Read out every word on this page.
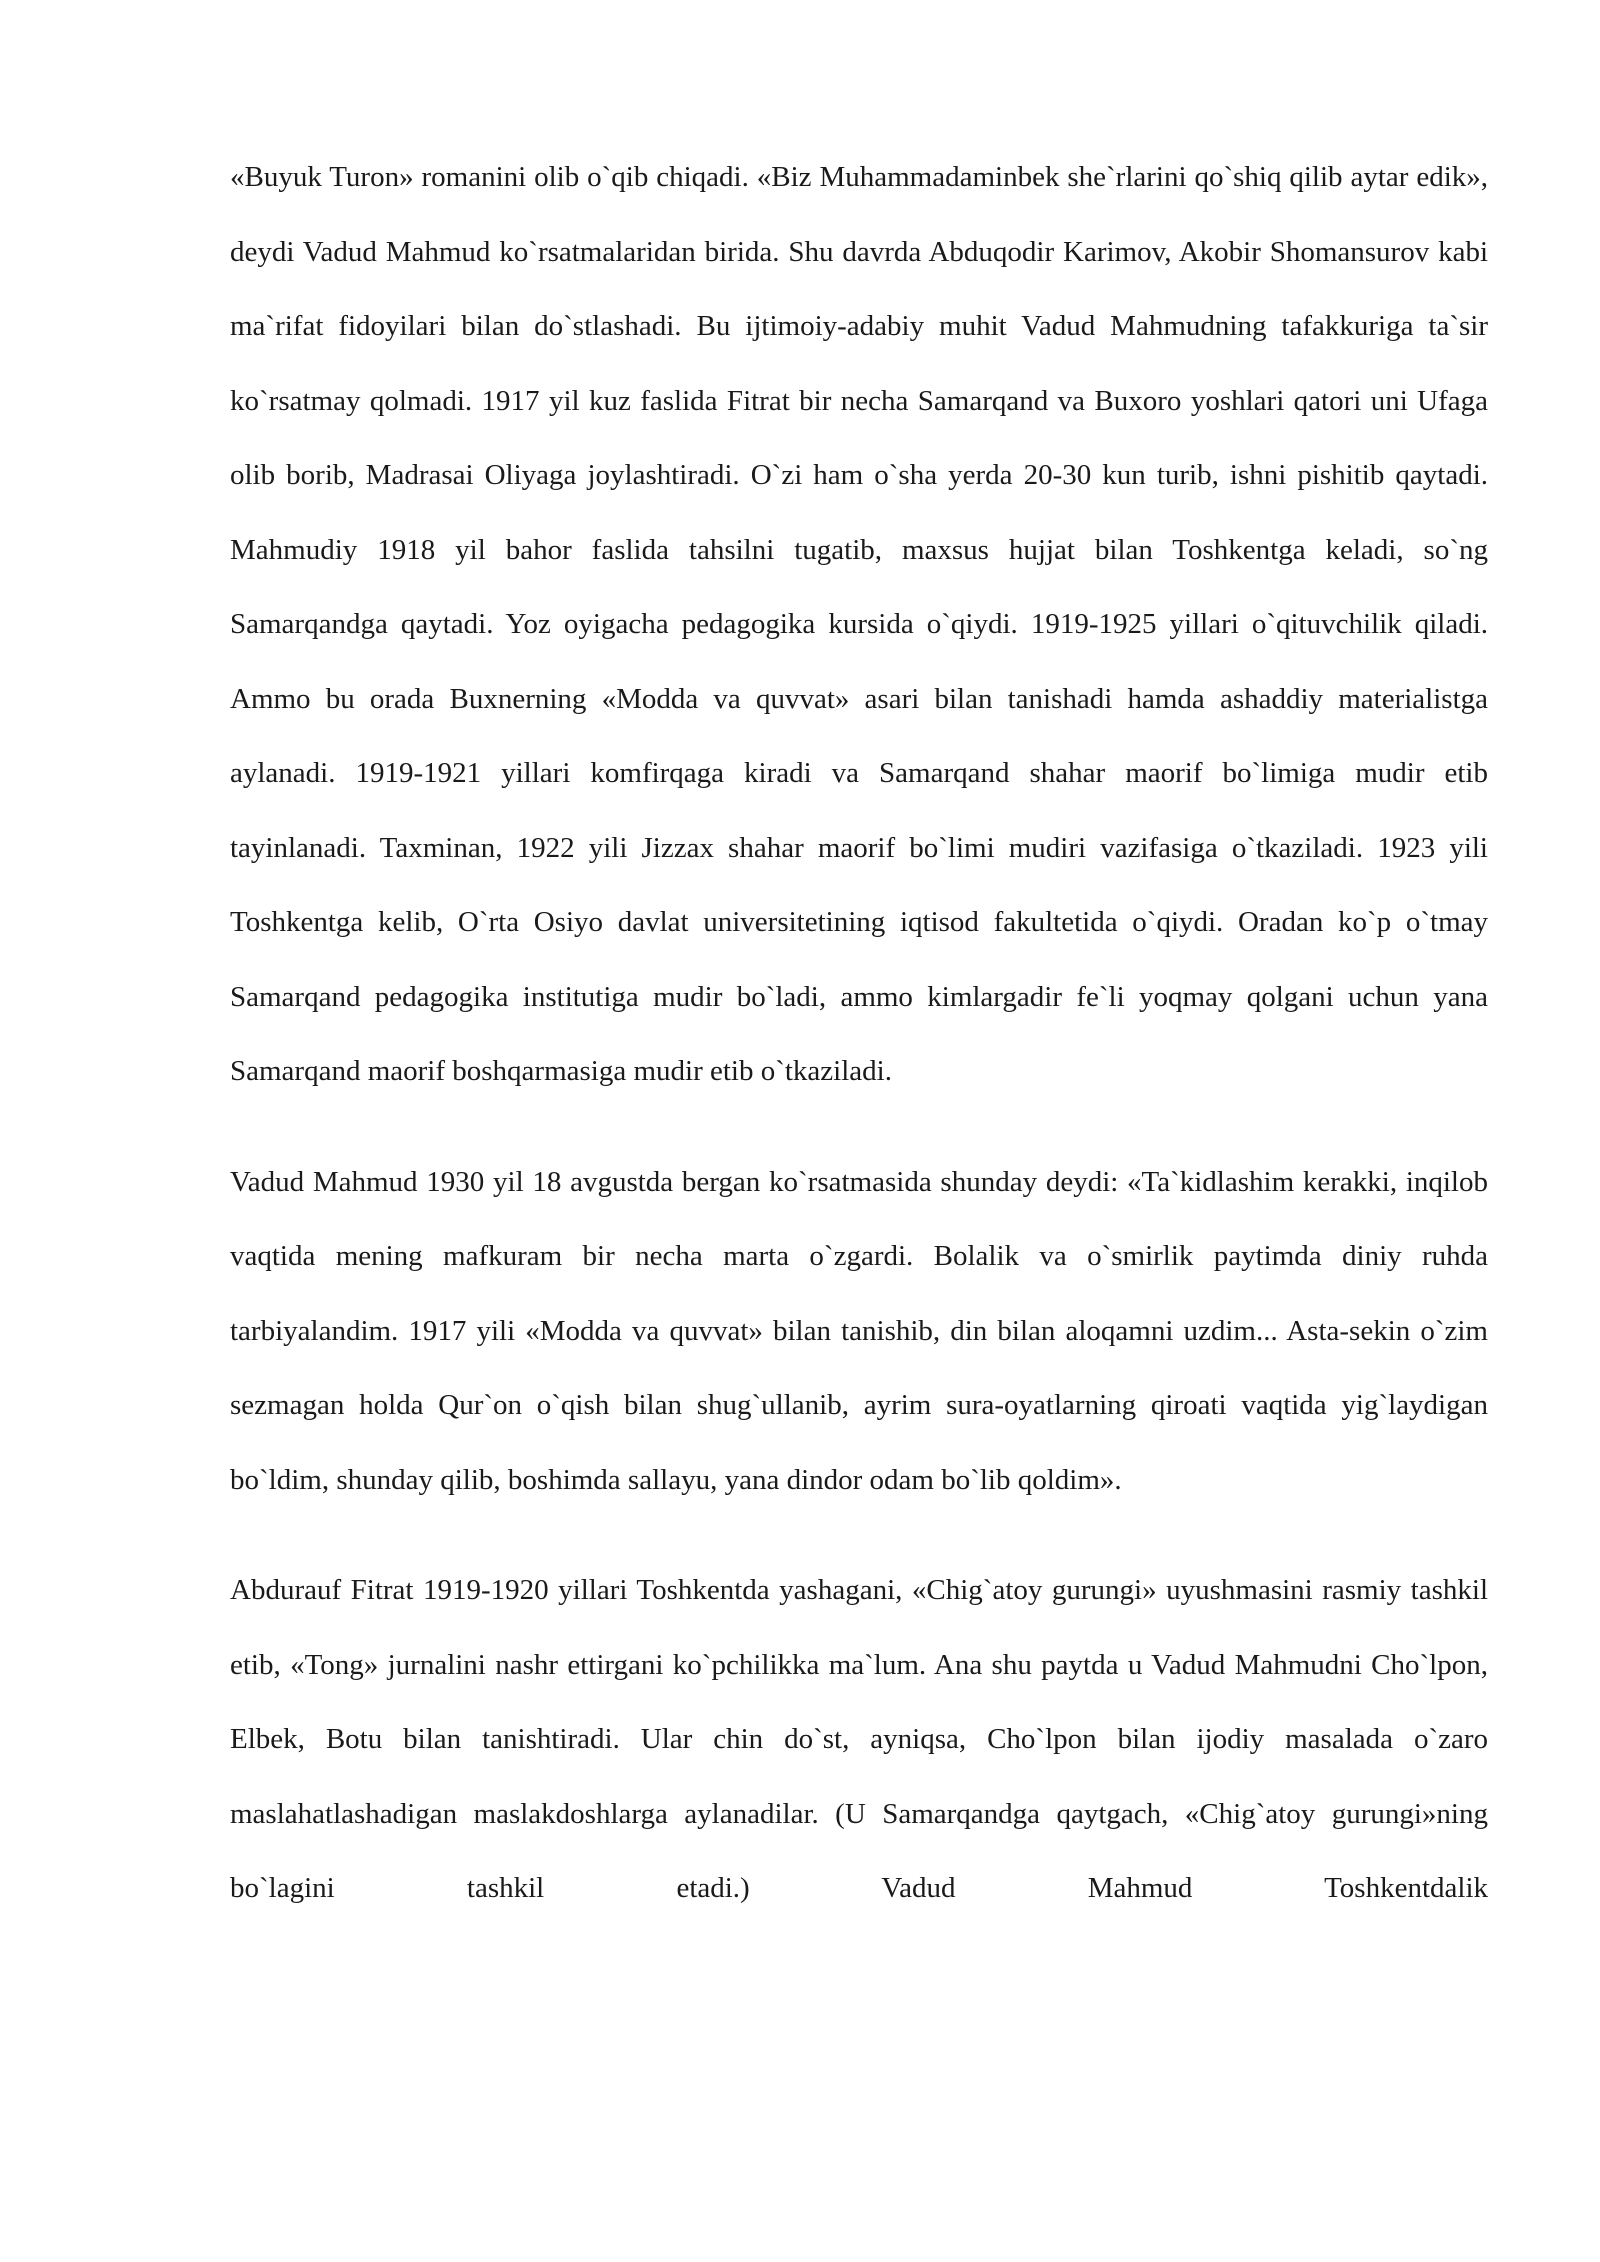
«Buyuk Turon» romanini olib o`qib chiqadi. «Biz Muhammadaminbek she`rlarini qo`shiq qilib aytar edik», deydi Vadud Mahmud ko`rsatmalaridan birida. Shu davrda Abduqodir Karimov, Akobir Shomansurov kabi ma`rifat fidoyilari bilan do`stlashadi. Bu ijtimoiy-adabiy muhit Vadud Mahmudning tafakkuriga ta`sir ko`rsatmay qolmadi. 1917 yil kuz faslida Fitrat bir necha Samarqand va Buxoro yoshlari qatori uni Ufaga olib borib, Madrasai Oliyaga joylashtiradi. O`zi ham o`sha yerda 20-30 kun turib, ishni pishitib qaytadi. Mahmudiy 1918 yil bahor faslida tahsilni tugatib, maxsus hujjat bilan Toshkentga keladi, so`ng Samarqandga qaytadi. Yoz oyigacha pedagogika kursida o`qiydi. 1919-1925 yillari o`qituvchilik qiladi. Ammo bu orada Buxnerning «Modda va quvvat» asari bilan tanishadi hamda ashaddiy materialistga aylanadi. 1919-1921 yillari komfirqaga kiradi va Samarqand shahar maorif bo`limiga mudir etib tayinlanadi. Taxminan, 1922 yili Jizzax shahar maorif bo`limi mudiri vazifasiga o`tkaziladi. 1923 yili Toshkentga kelib, O`rta Osiyo davlat universitetining iqtisod fakultetida o`qiydi. Oradan ko`p o`tmay Samarqand pedagogika institutiga mudir bo`ladi, ammo kimlargadir fe`li yoqmay qolgani uchun yana Samarqand maorif boshqarmasiga mudir etib o`tkaziladi.

Vadud Mahmud 1930 yil 18 avgustda bergan ko`rsatmasida shunday deydi: «Ta`kidlashim kerakki, inqilob vaqtida mening mafkuram bir necha marta o`zgardi. Bolalik va o`smirlik paytimda diniy ruhda tarbiyalandim. 1917 yili «Modda va quvvat» bilan tanishib, din bilan aloqamni uzdim... Asta-sekin o`zim sezmagan holda Qur`on o`qish bilan shug`ullanib, ayrim sura-oyatlarning qiroati vaqtida yig`laydigan bo`ldim, shunday qilib, boshimda sallayu, yana dindor odam bo`lib qoldim».

Abdurauf Fitrat 1919-1920 yillari Toshkentda yashagani, «Chig`atoy gurungi» uyushmasini rasmiy tashkil etib, «Tong» jurnalini nashr ettirgani ko`pchilikka ma`lum. Ana shu paytda u Vadud Mahmudni Cho`lpon, Elbek, Botu bilan tanishtiradi. Ular chin do`st, ayniqsa, Cho`lpon bilan ijodiy masalada o`zaro maslahatlashadigan maslakdoshlarga aylanadilar. (U Samarqandga qaytgach, «Chig`atoy gurungi»ning bo`lagini tashkil etadi.) Vadud Mahmud Toshkentdalik
